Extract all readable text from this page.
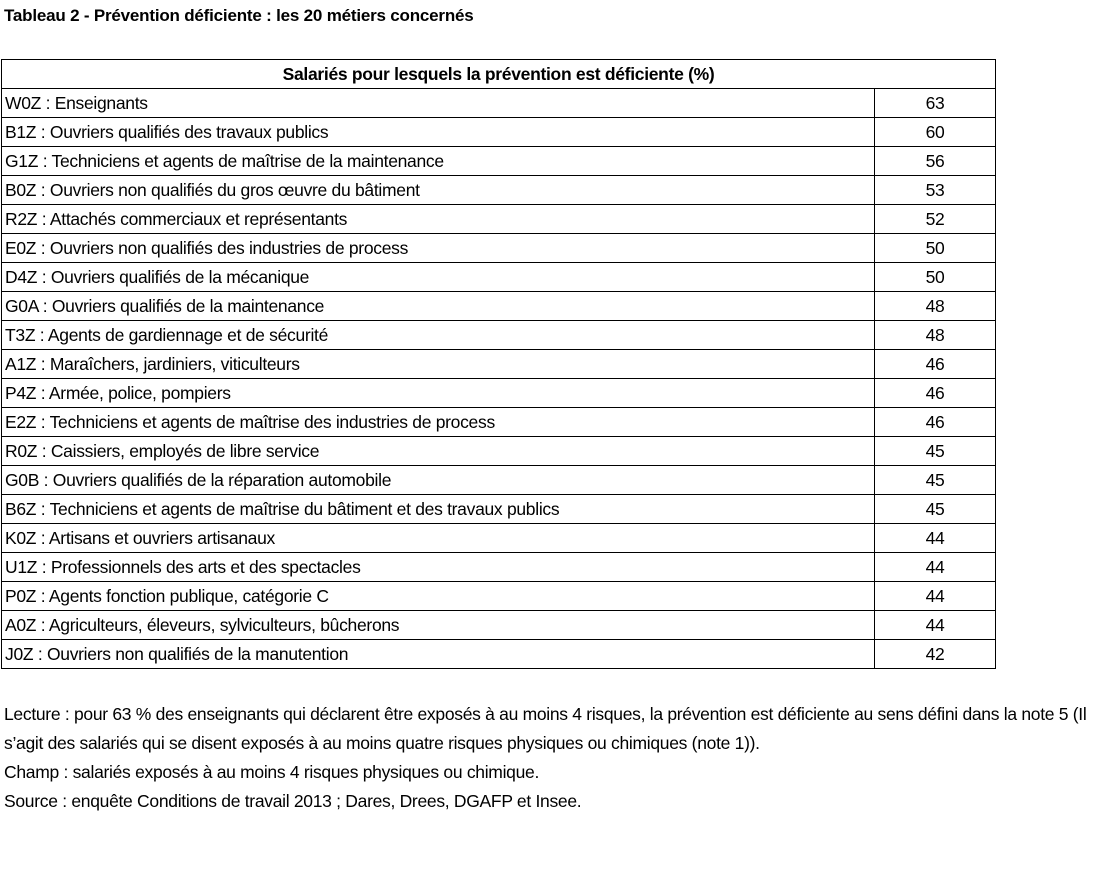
Tableau 2 - Prévention déficiente : les 20 métiers concernés
Salariés pour lesquels la prévention est déficiente (%)	
W0Z : Enseignants	63
B1Z : Ouvriers qualifiés des travaux publics	60
G1Z : Techniciens et agents de maîtrise de la maintenance	56
B0Z : Ouvriers non qualifiés du gros œuvre du bâtiment	53
R2Z : Attachés commerciaux et représentants	52
E0Z : Ouvriers non qualifiés des industries de process	50
D4Z : Ouvriers qualifiés de la mécanique	50
G0A : Ouvriers qualifiés de la maintenance	48
T3Z : Agents de gardiennage et de sécurité	48
A1Z : Maraîchers, jardiniers, viticulteurs	46
P4Z : Armée, police, pompiers	46
E2Z : Techniciens et agents de maîtrise des industries de process	46
R0Z : Caissiers, employés de libre service	45
G0B : Ouvriers qualifiés de la réparation automobile	45
B6Z : Techniciens et agents de maîtrise du bâtiment et des travaux publics	45
K0Z : Artisans et ouvriers artisanaux	44
U1Z : Professionnels des arts et des spectacles	44
P0Z : Agents fonction publique, catégorie C	44
A0Z : Agriculteurs, éleveurs, sylviculteurs, bûcherons	44
J0Z : Ouvriers non qualifiés de la manutention	42

Lecture : pour 63 % des enseignants qui déclarent être exposés à au moins 4 risques, la prévention est déficiente au sens défini dans la note 5 (Il s’agit des salariés qui se disent exposés à au moins quatre risques physiques ou chimiques (note 1)).

Champ : salariés exposés à au moins 4 risques physiques ou chimique.

Source : enquête Conditions de travail 2013 ; Dares, Drees, DGAFP et Insee.
